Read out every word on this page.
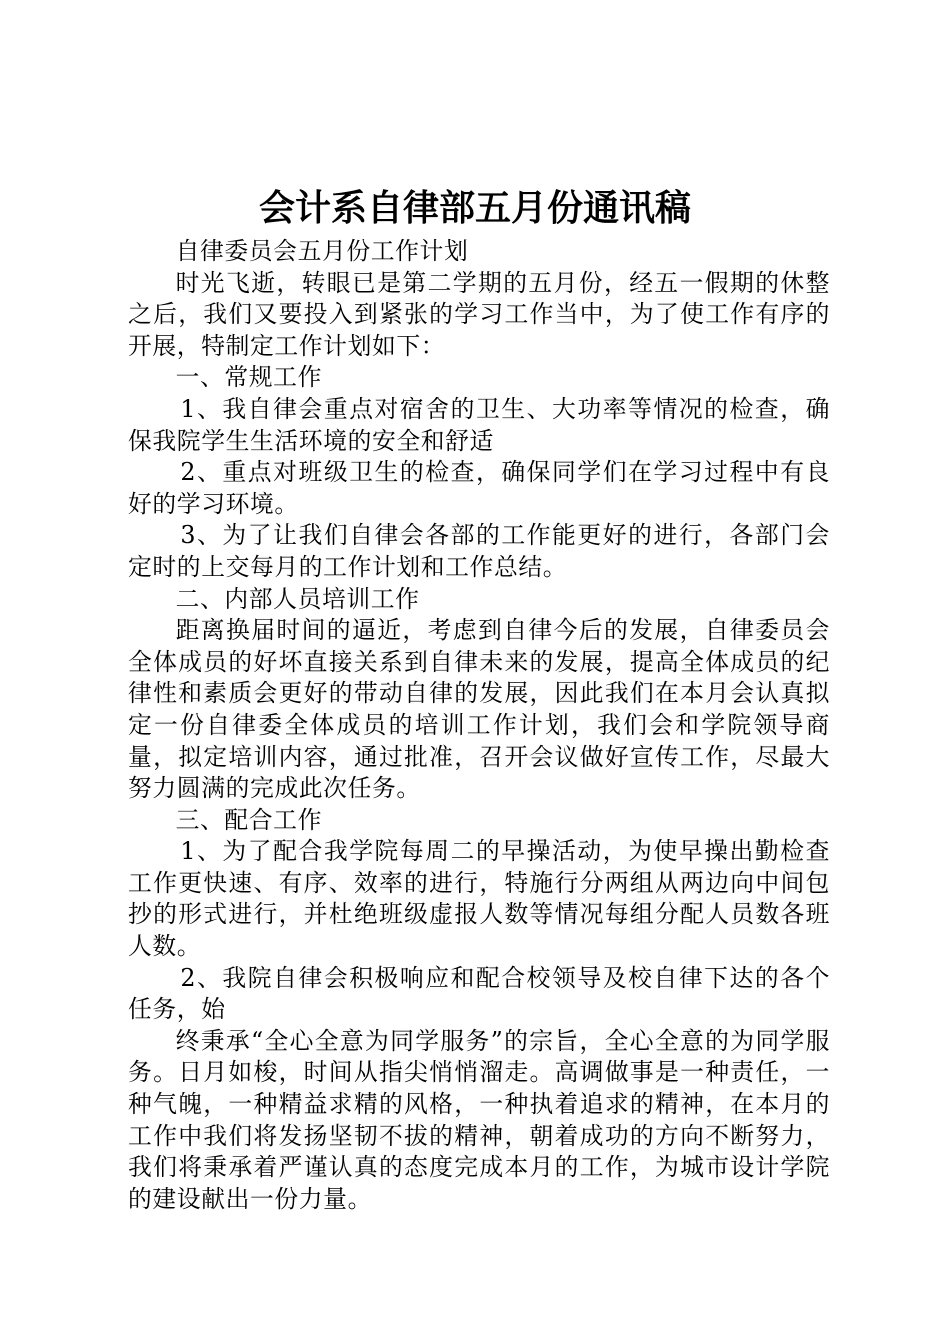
会计系自律部五月份通讯稿

自律委员会五月份工作计划

时光飞逝，转眼已是第二学期的五月份，经五一假期的休整之后，我们又要投入到紧张的学习工作当中，为了使工作有序的开展，特制定工作计划如下：

一、常规工作

1、我自律会重点对宿舍的卫生、大功率等情况的检查，确保我院学生生活环境的安全和舒适

2、重点对班级卫生的检查，确保同学们在学习过程中有良好的学习环境。

3、为了让我们自律会各部的工作能更好的进行，各部门会定时的上交每月的工作计划和工作总结。

二、内部人员培训工作

距离换届时间的逼近，考虑到自律今后的发展，自律委员会全体成员的好坏直接关系到自律未来的发展，提高全体成员的纪律性和素质会更好的带动自律的发展，因此我们在本月会认真拟定一份自律委全体成员的培训工作计划，我们会和学院领导商量，拟定培训内容，通过批准，召开会议做好宣传工作，尽最大努力圆满的完成此次任务。

三、配合工作

1、为了配合我学院每周二的早操活动，为使早操出勤检查工作更快速、有序、效率的进行，特施行分两组从两边向中间包抄的形式进行，并杜绝班级虚报人数等情况每组分配人员数各班人数。

2、我院自律会积极响应和配合校领导及校自律下达的各个任务，始

终秉承“全心全意为同学服务”的宗旨，全心全意的为同学服务。日月如梭，时间从指尖悄悄溜走。高调做事是一种责任，一种气魄，一种精益求精的风格，一种执着追求的精神，在本月的工作中我们将发扬坚韧不拔的精神，朝着成功的方向不断努力，我们将秉承着严谨认真的态度完成本月的工作，为城市设计学院的建设献出一份力量。
